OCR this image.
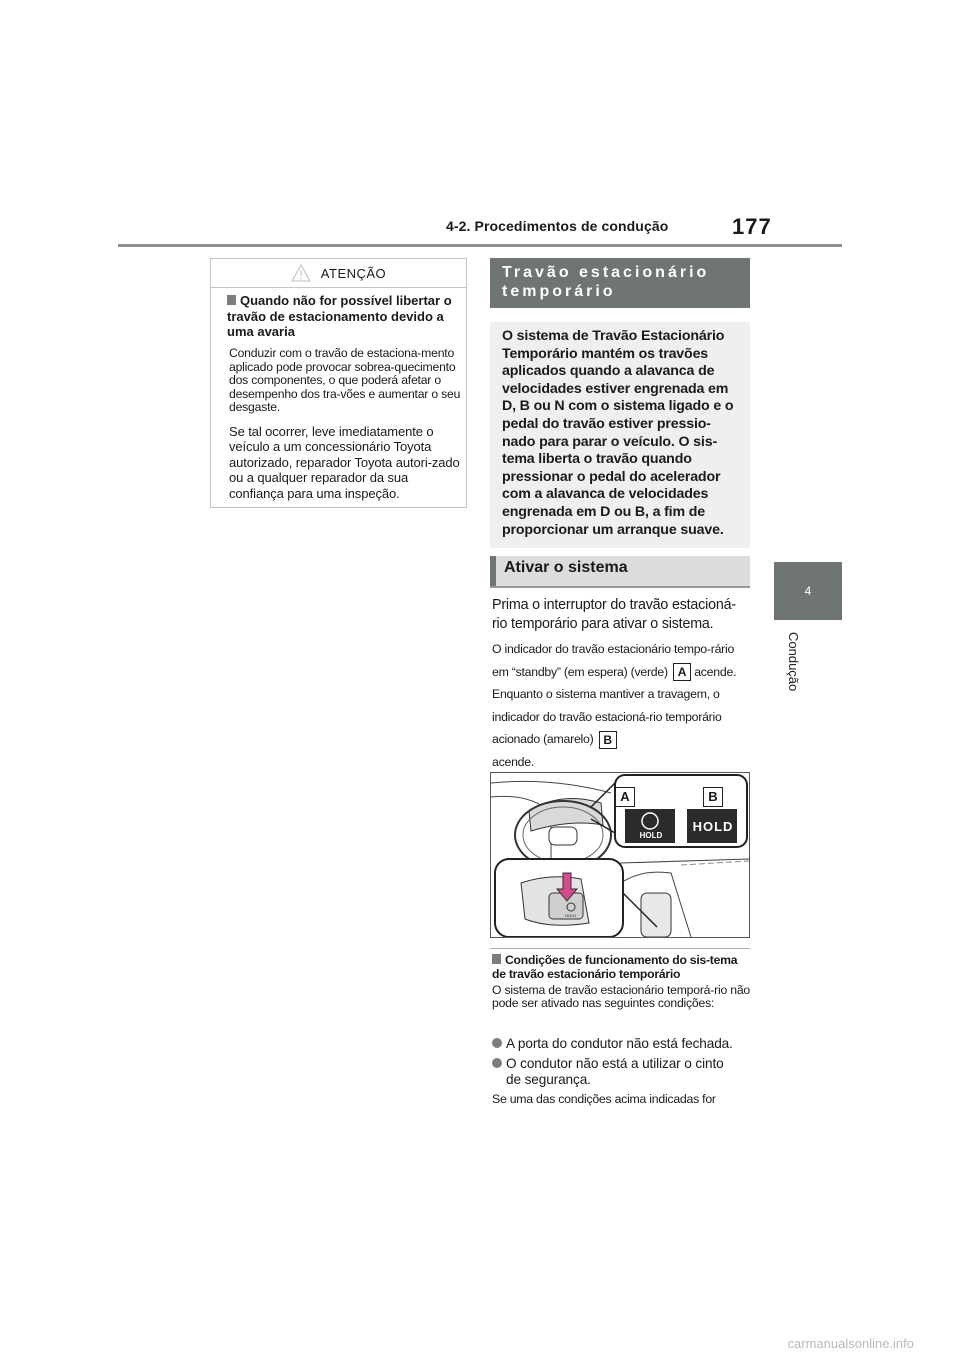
4-2. Procedimentos de condução	177
4
Condução
ATENÇÃO
Quando não for possível libertar o travão de estacionamento devido a uma avaria
Conduzir com o travão de estaciona-mento aplicado pode provocar sobrea-quecimento dos componentes, o que poderá afetar o desempenho dos tra-vões e aumentar o seu desgaste.
Se tal ocorrer, leve imediatamente o veículo a um concessionário Toyota autorizado, reparador Toyota autori-zado ou a qualquer reparador da sua confiança para uma inspeção.
Travão estacionário temporário
O sistema de Travão Estacionário Temporário mantém os travões aplicados quando a alavanca de velocidades estiver engrenada em D, B ou N com o sistema ligado e o pedal do travão estiver pressio-nado para parar o veículo. O sis-tema liberta o travão quando pressionar o pedal do acelerador com a alavanca de velocidades engrenada em D ou B, a fim de proporcionar um arranque suave.
Ativar o sistema
Prima o interruptor do travão estacioná-rio temporário para ativar o sistema.
O indicador do travão estacionário tempo-rário em “standby” (em espera) (verde) A acende. Enquanto o sistema mantiver a travagem, o indicador do travão estacioná-rio temporário acionado (amarelo) B
acende.
A	B
HOLD
HOLD
HOLD
Condições de funcionamento do sis-tema de travão estacionário temporário
O sistema de travão estacionário temporá-rio não pode ser ativado nas seguintes condições:
A porta do condutor não está fechada.
O condutor não está a utilizar o cinto
de segurança.
Se uma das condições acima indicadas for
carmanualsonline.info
